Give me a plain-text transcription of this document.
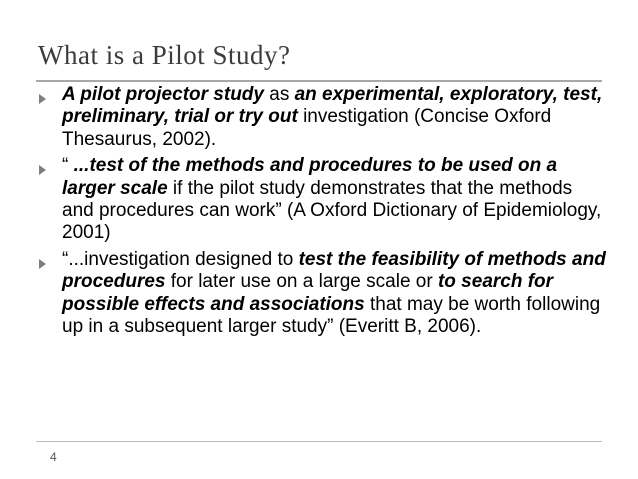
What is a Pilot Study?
A pilot projector study as an experimental, exploratory, test, preliminary, trial or try out investigation (Concise Oxford Thesaurus, 2002).
“ ...test of the methods and procedures to be used on a larger scale if the pilot study demonstrates that the methods and procedures can work” (A Oxford Dictionary of Epidemiology, 2001)
“...investigation designed to test the feasibility of methods and procedures for later use on a large scale or to search for possible effects and associations that may be worth following up in a subsequent larger study” (Everitt B, 2006).
4
